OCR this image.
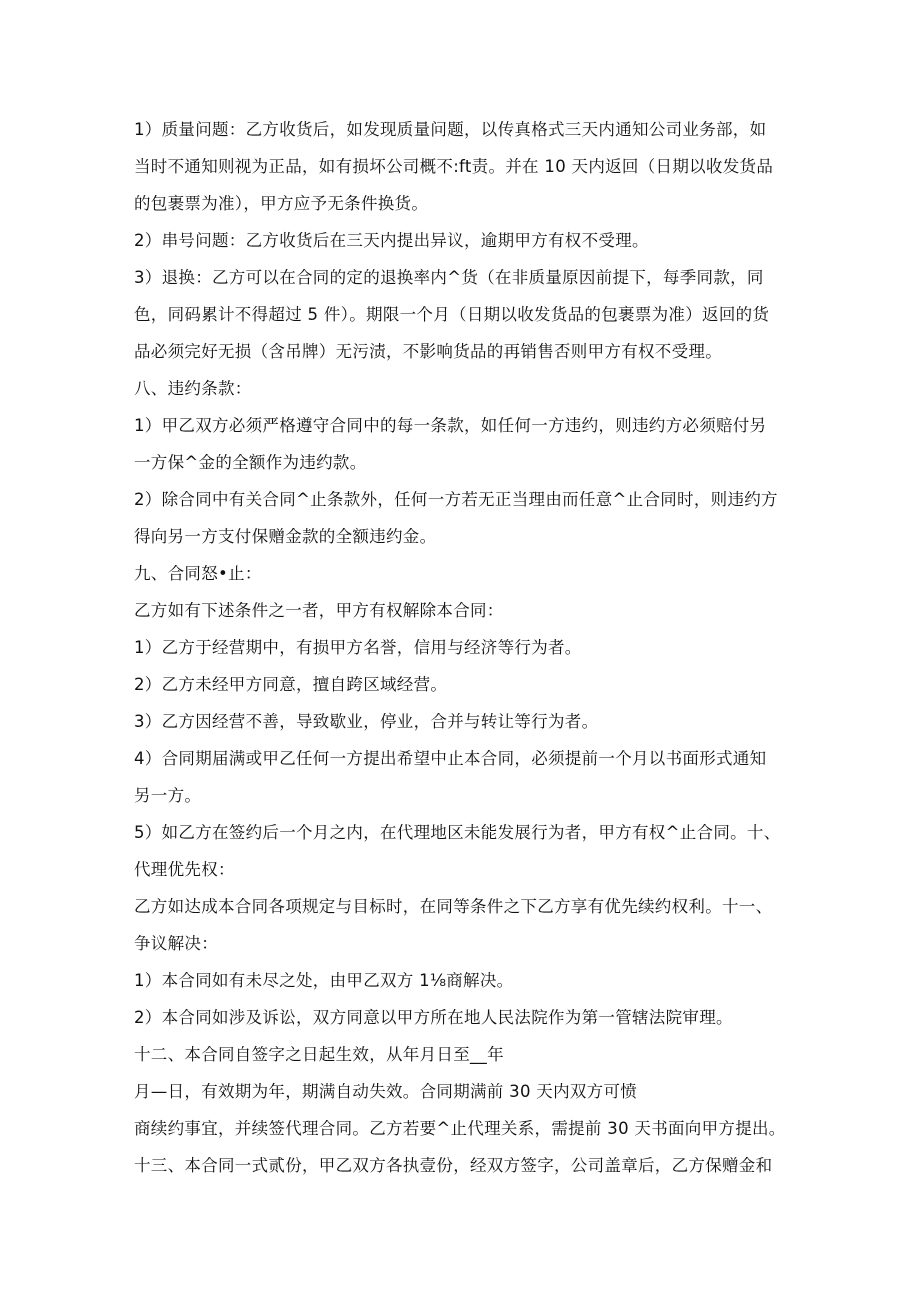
1）质量问题：乙方收货后，如发现质量问题，以传真格式三天内通知公司业务部，如

当时不通知则视为正品，如有损坏公司概不:ft责。并在 10 天内返回（日期以收发货品

的包裹票为准），甲方应予无条件换货。

2）串号问题：乙方收货后在三天内提出异议，逾期甲方有权不受理。

3）退换：乙方可以在合同的定的退换率内^货（在非质量原因前提下，每季同款，同

色，同码累计不得超过 5 件）。期限一个月（日期以收发货品的包裹票为准）返回的货

品必须完好无损（含吊牌）无污渍，不影响货品的再销售否则甲方有权不受理。

八、违约条款：

1）甲乙双方必须严格遵守合同中的每一条款，如任何一方违约，则违约方必须赔付另

一方保^金的全额作为违约款。

2）除合同中有关合同^止条款外，任何一方若无正当理由而任意^止合同时，则违约方

得向另一方支付保赠金款的全额违约金。

九、合同怒•止：

乙方如有下述条件之一者，甲方有权解除本合同：

1）乙方于经营期中，有损甲方名誉，信用与经济等行为者。

2）乙方未经甲方同意，擅自跨区域经营。

3）乙方因经营不善，导致歇业，停业，合并与转让等行为者。

4）合同期届满或甲乙任何一方提出希望中止本合同，必须提前一个月以书面形式通知

另一方。

5）如乙方在签约后一个月之内，在代理地区未能发展行为者，甲方有权^止合同。十、

代理优先权：

乙方如达成本合同各项规定与目标时，在同等条件之下乙方享有优先续约权利。十一、

争议解决：

1）本合同如有未尽之处，由甲乙双方 1⅛商解决。

2）本合同如涉及诉讼，双方同意以甲方所在地人民法院作为第一管辖法院审理。

十二、本合同自签字之日起生效，从年月日至__年

月—日，有效期为年，期满自动失效。合同期满前 30 天内双方可愤

商续约事宜，并续签代理合同。乙方若要^止代理关系，需提前 30 天书面向甲方提出。

十三、本合同一式贰份，甲乙双方各执壹份，经双方签字，公司盖章后，乙方保赠金和
